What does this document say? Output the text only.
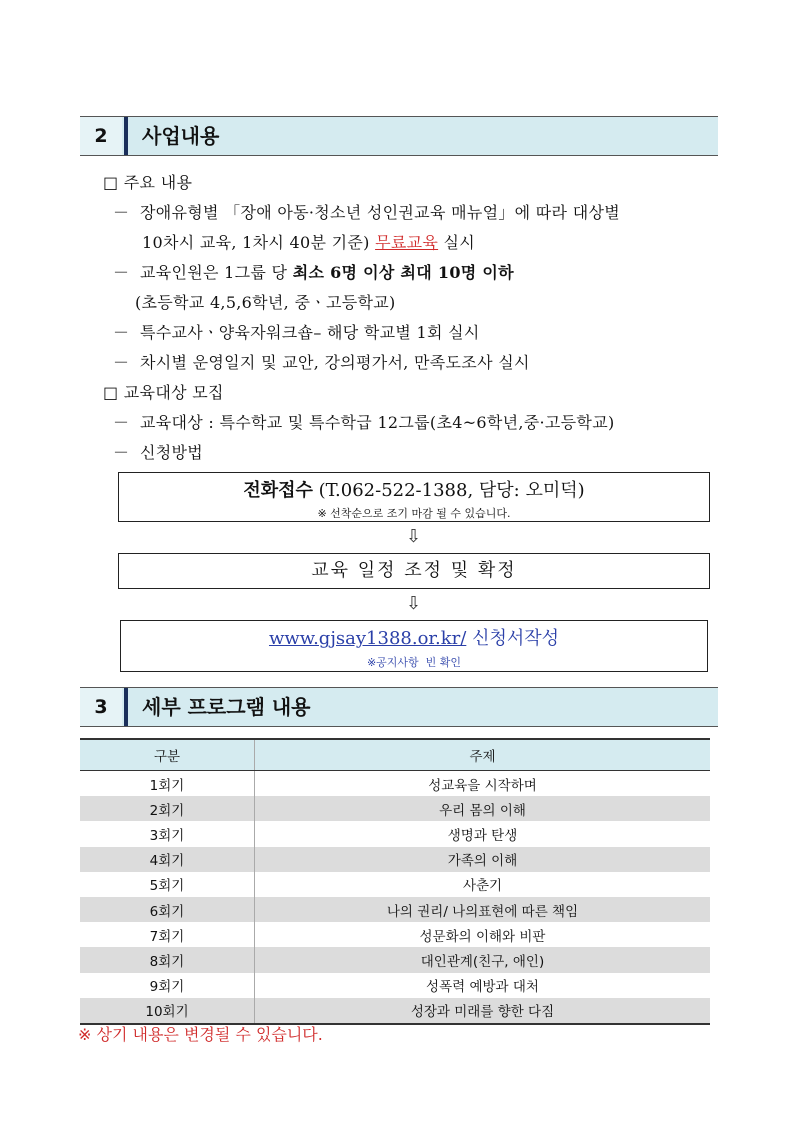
2	사업내용
□ 주요 내용
－ 장애유형별 「장애 아동·청소년 성인권교육 매뉴얼」에 따라 대상별
10차시 교육, 1차시 40분 기준) 무료교육 실시
－ 교육인원은 1그룹 당 최소 6명 이상 최대 10명 이하
(초등학교 4,5,6학년, 중ㆍ고등학교)
－ 특수교사ㆍ양육자워크숍– 해당 학교별 1회 실시
－ 차시별 운영일지 및 교안, 강의평가서, 만족도조사 실시
□ 교육대상 모집
－ 교육대상 : 특수학교 및 특수학급 12그룹(초4~6학년,중·고등학교)
－ 신청방법
전화접수 (T.062-522-1388, 담당: 오미덕)
※ 선착순으로 조기 마감 될 수 있습니다.
⇩
교육 일정 조정 및 확정
⇩
www.gjsay1388.or.kr/ 신청서작성
※공지사항  빈 확인
3	세부 프로그램 내용
구분	주제
1회기	성교육을 시작하며
2회기	우리 몸의 이해
3회기	생명과 탄생
4회기	가족의 이해
5회기	사춘기
6회기	나의 권리/ 나의표현에 따른 책임
7회기	성문화의 이해와 비판
8회기	대인관계(친구, 애인)
9회기	성폭력 예방과 대처
10회기	성장과 미래를 향한 다짐
※ 상기 내용은 변경될 수 있습니다.
